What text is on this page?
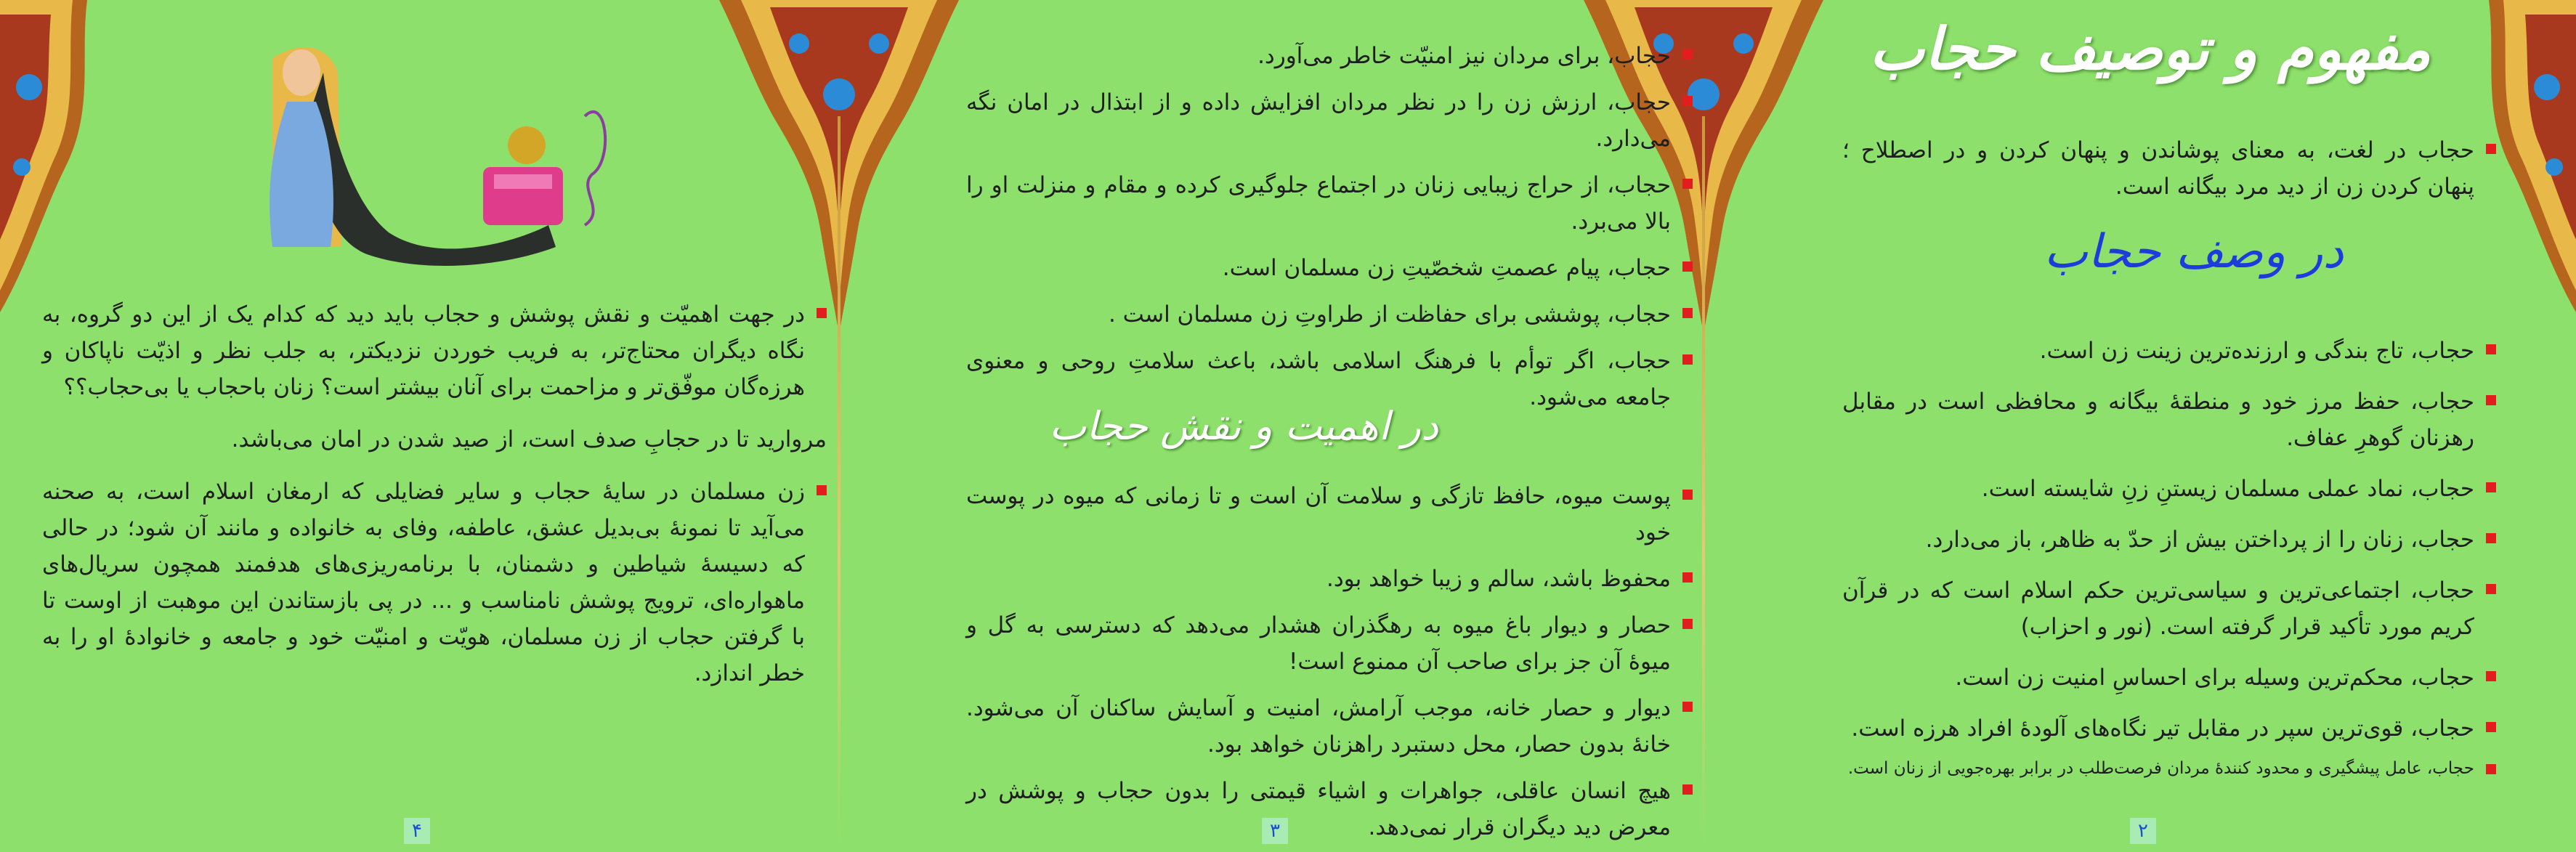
در جهت اهمیّت و نقش پوشش و حجاب باید دید که کدام یک از این دو گروه، به نگاه دیگران محتاج‌تر، به فریب خوردن نزدیکتر، به جلب نظر و اذیّت ناپاکان و هرزه‌گان موفّق‌تر و مزاحمت برای آنان بیشتر است؟ زنان باحجاب یا بی‌حجاب؟؟
مروارید تا در حجابِ صدف است، از صید شدن در امان می‌باشد.
زن مسلمان در سایهٔ حجاب و سایر فضایلی که ارمغان اسلام است، به صحنه می‌آید تا نمونهٔ بی‌بدیل عشق، عاطفه، وفای به خانواده و مانند آن شود؛ در حالی که دسیسهٔ شیاطین و دشمنان، با برنامه‌ریزی‌های هدفمند همچون سریال‌های ماهواره‌ای، ترویج پوشش نامناسب و ... در پی بازستاندن این موهبت از اوست تا با گرفتن حجاب از زن مسلمان، هویّت و امنیّت خود و جامعه و خانوادهٔ او را به خطر اندازد.
۴
حجاب، برای مردان نیز امنیّت خاطر می‌آورد.
حجاب، ارزش زن را در نظر مردان افزایش داده و از ابتذال در امان نگه می‌دارد.
حجاب، از حراج زیبایی زنان در اجتماع جلوگیری کرده و مقام و منزلت او را بالا می‌برد.
حجاب، پیام عصمتِ شخصّیتِ زن مسلمان است.
حجاب، پوششی برای حفاظت از طراوتِ زن مسلمان است .
حجاب، اگر توأم با فرهنگ اسلامی باشد، باعث سلامتِ روحی و معنوی جامعه می‌شود.
در اهمیت و نقش حجاب
پوست میوه، حافظ تازگی و سلامت آن است و تا زمانی که میوه در پوست خود
محفوظ باشد، سالم و زیبا خواهد بود.
حصار و دیوار باغ میوه به رهگذران هشدار می‌دهد که دسترسی به گل و میوهٔ آن جز برای صاحب آن ممنوع است!
دیوار و حصار خانه، موجب آرامش، امنیت و آسایش ساکنان آن می‌شود. خانهٔ بدون حصار، محل دستبرد راهزنان خواهد بود.
هیچ انسان عاقلی، جواهرات و اشیاء قیمتی را بدون حجاب و پوشش در معرض دید دیگران قرار نمی‌دهد.
۳
مفهوم و توصیف حجاب
حجاب در لغت، به معنای پوشاندن و پنهان کردن و در اصطلاح ؛ پنهان کردن زن از دید مرد بیگانه است.
در وصف حجاب
حجاب، تاج بندگی و ارزنده‌ترین زینت زن است.
حجاب، حفظ مرز خود و منطقهٔ بیگانه و محافظی است در مقابل رهزنان گوهرِ عفاف.
حجاب، نماد عملی مسلمان زیستنِ زنِ شایسته است.
حجاب، زنان را از پرداختن بیش از حدّ به ظاهر، باز می‌دارد.
حجاب، اجتماعی‌ترین و سیاسی‌ترین حکم اسلام است که در قرآن کریم مورد تأکید قرار گرفته است. (نور و احزاب)
حجاب، محکم‌ترین وسیله برای احساسِ امنیت زن است.
حجاب، قوی‌ترین سپر در مقابل تیر نگاه‌های آلودهٔ افراد هرزه است.
حجاب، عامل پیشگیری و محدود کنندهٔ مردان فرصت‌طلب در برابر بهره‌جویی از زنان است.
۲
